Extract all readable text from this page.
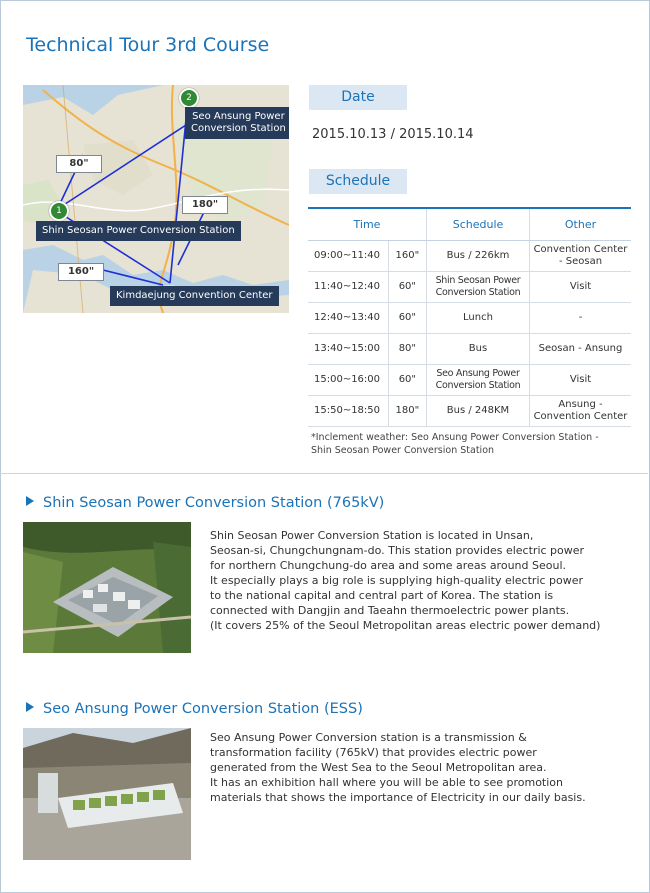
Technical Tour 3rd Course
1
2
Seo Ansung Power
Conversion Station
Shin Seosan Power Conversion Station
Kimdaejung Convention Center
80"
180"
160"
Date
2015.10.13 / 2015.10.14
Schedule
Time		Schedule	Other
09:00~11:40	160"	Bus / 226km	Convention Center
- Seosan

11:40~12:40	60"	Shin Seosan Power
Conversion Station	Visit

12:40~13:40	60"	Lunch	-

13:40~15:00	80"	Bus	Seosan - Ansung

15:00~16:00	60"	Seo Ansung Power
Conversion Station	Visit

15:50~18:50	180"	Bus / 248KM	Ansung -
Convention Center
*Inclement weather: Seo Ansung Power Conversion Station -
Shin Seosan Power Conversion Station
Shin Seosan Power Conversion Station (765kV)
Shin Seosan Power Conversion Station is located in Unsan,
Seosan-si, Chungchungnam-do. This station provides electric power
for northern Chungchung-do area and some areas around Seoul.
It especially plays a big role is supplying high-quality electric power
to the national capital and central part of Korea. The station is
connected with Dangjin and Taeahn thermoelectric power plants.
(It covers 25% of the Seoul Metropolitan areas electric power demand)
Seo Ansung Power Conversion Station (ESS)
Seo Ansung Power Conversion station is a transmission &
transformation facility (765kV) that provides electric power
generated from the West Sea to the Seoul Metropolitan area.
It has an exhibition hall where you will be able to see promotion
materials that shows the importance of Electricity in our daily basis.
